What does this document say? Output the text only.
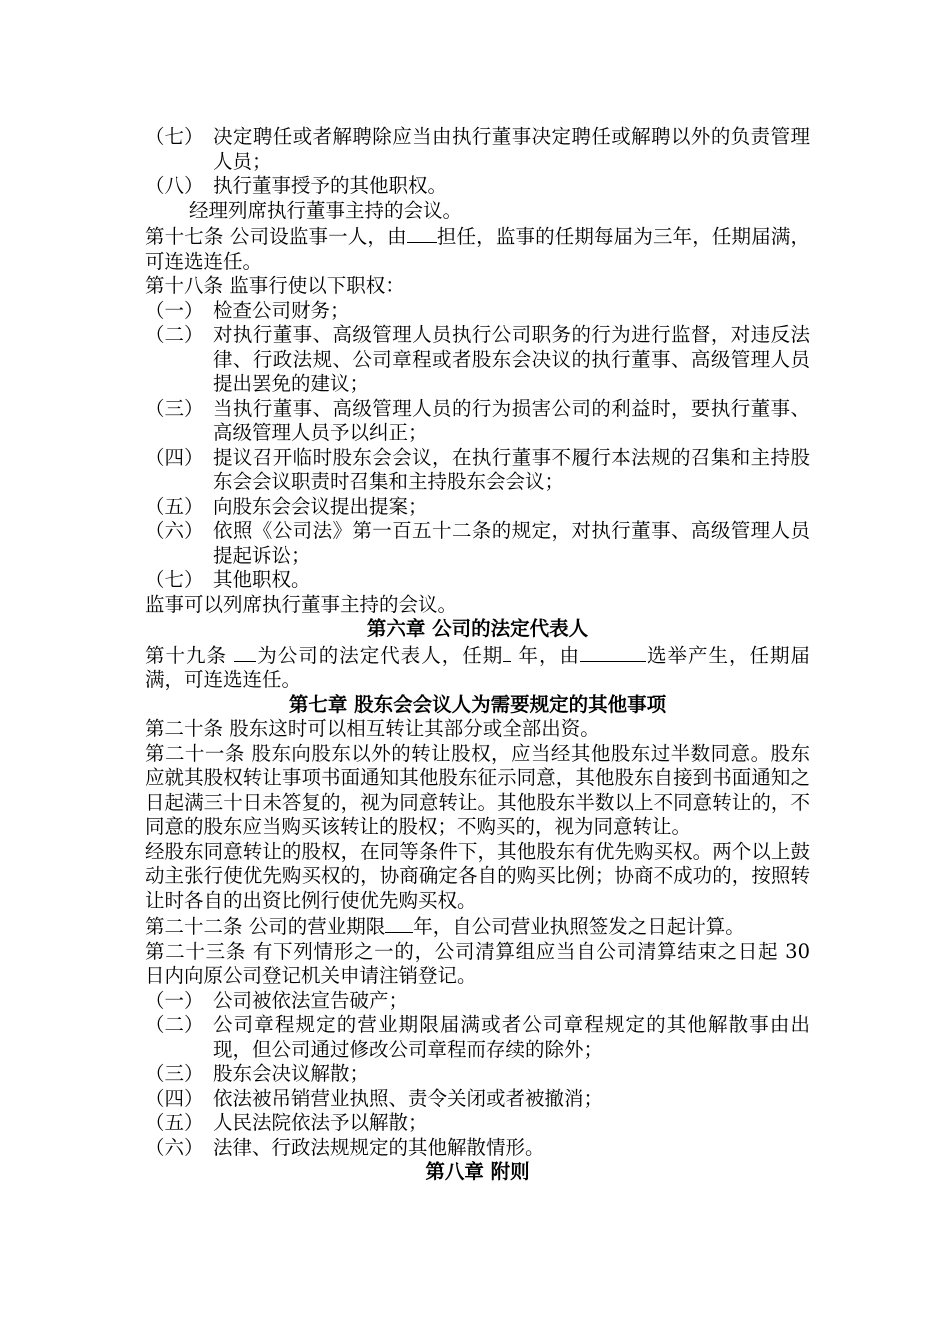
（七） 决定聘任或者解聘除应当由执行董事决定聘任或解聘以外的负责管理人员；
（八） 执行董事授予的其他职权。
经理列席执行董事主持的会议。
第十七条 公司设监事一人，由 担任，监事的任期每届为三年，任期届满，可连选连任。
第十八条 监事行使以下职权：
（一） 检查公司财务；
（二） 对执行董事、高级管理人员执行公司职务的行为进行监督，对违反法律、行政法规、公司章程或者股东会决议的执行董事、高级管理人员提出罢免的建议；
（三） 当执行董事、高级管理人员的行为损害公司的利益时，要执行董事、高级管理人员予以纠正；
（四） 提议召开临时股东会会议，在执行董事不履行本法规的召集和主持股东会会议职责时召集和主持股东会会议；
（五） 向股东会会议提出提案；
（六） 依照《公司法》第一百五十二条的规定，对执行董事、高级管理人员提起诉讼；
（七） 其他职权。
监事可以列席执行董事主持的会议。
第六章 公司的法定代表人
第十九条 为公司的法定代表人，任期 年，由	选举产生，任期届满，可连选连任。
第七章 股东会会议人为需要规定的其他事项
第二十条 股东这时可以相互转让其部分或全部出资。
第二十一条 股东向股东以外的转让股权，应当经其他股东过半数同意。股东应就其股权转让事项书面通知其他股东征示同意，其他股东自接到书面通知之日起满三十日未答复的，视为同意转让。其他股东半数以上不同意转让的，不同意的股东应当购买该转让的股权；不购买的，视为同意转让。
经股东同意转让的股权，在同等条件下，其他股东有优先购买权。两个以上鼓动主张行使优先购买权的，协商确定各自的购买比例；协商不成功的，按照转让时各自的出资比例行使优先购买权。
第二十二条 公司的营业期限 年，自公司营业执照签发之日起计算。
第二十三条 有下列情形之一的，公司清算组应当自公司清算结束之日起 30 日内向原公司登记机关申请注销登记。
（一） 公司被依法宣告破产；
（二） 公司章程规定的营业期限届满或者公司章程规定的其他解散事由出现，但公司通过修改公司章程而存续的除外；
（三） 股东会决议解散；
（四） 依法被吊销营业执照、责令关闭或者被撤消；
（五） 人民法院依法予以解散；
（六） 法律、行政法规规定的其他解散情形。
第八章 附则
